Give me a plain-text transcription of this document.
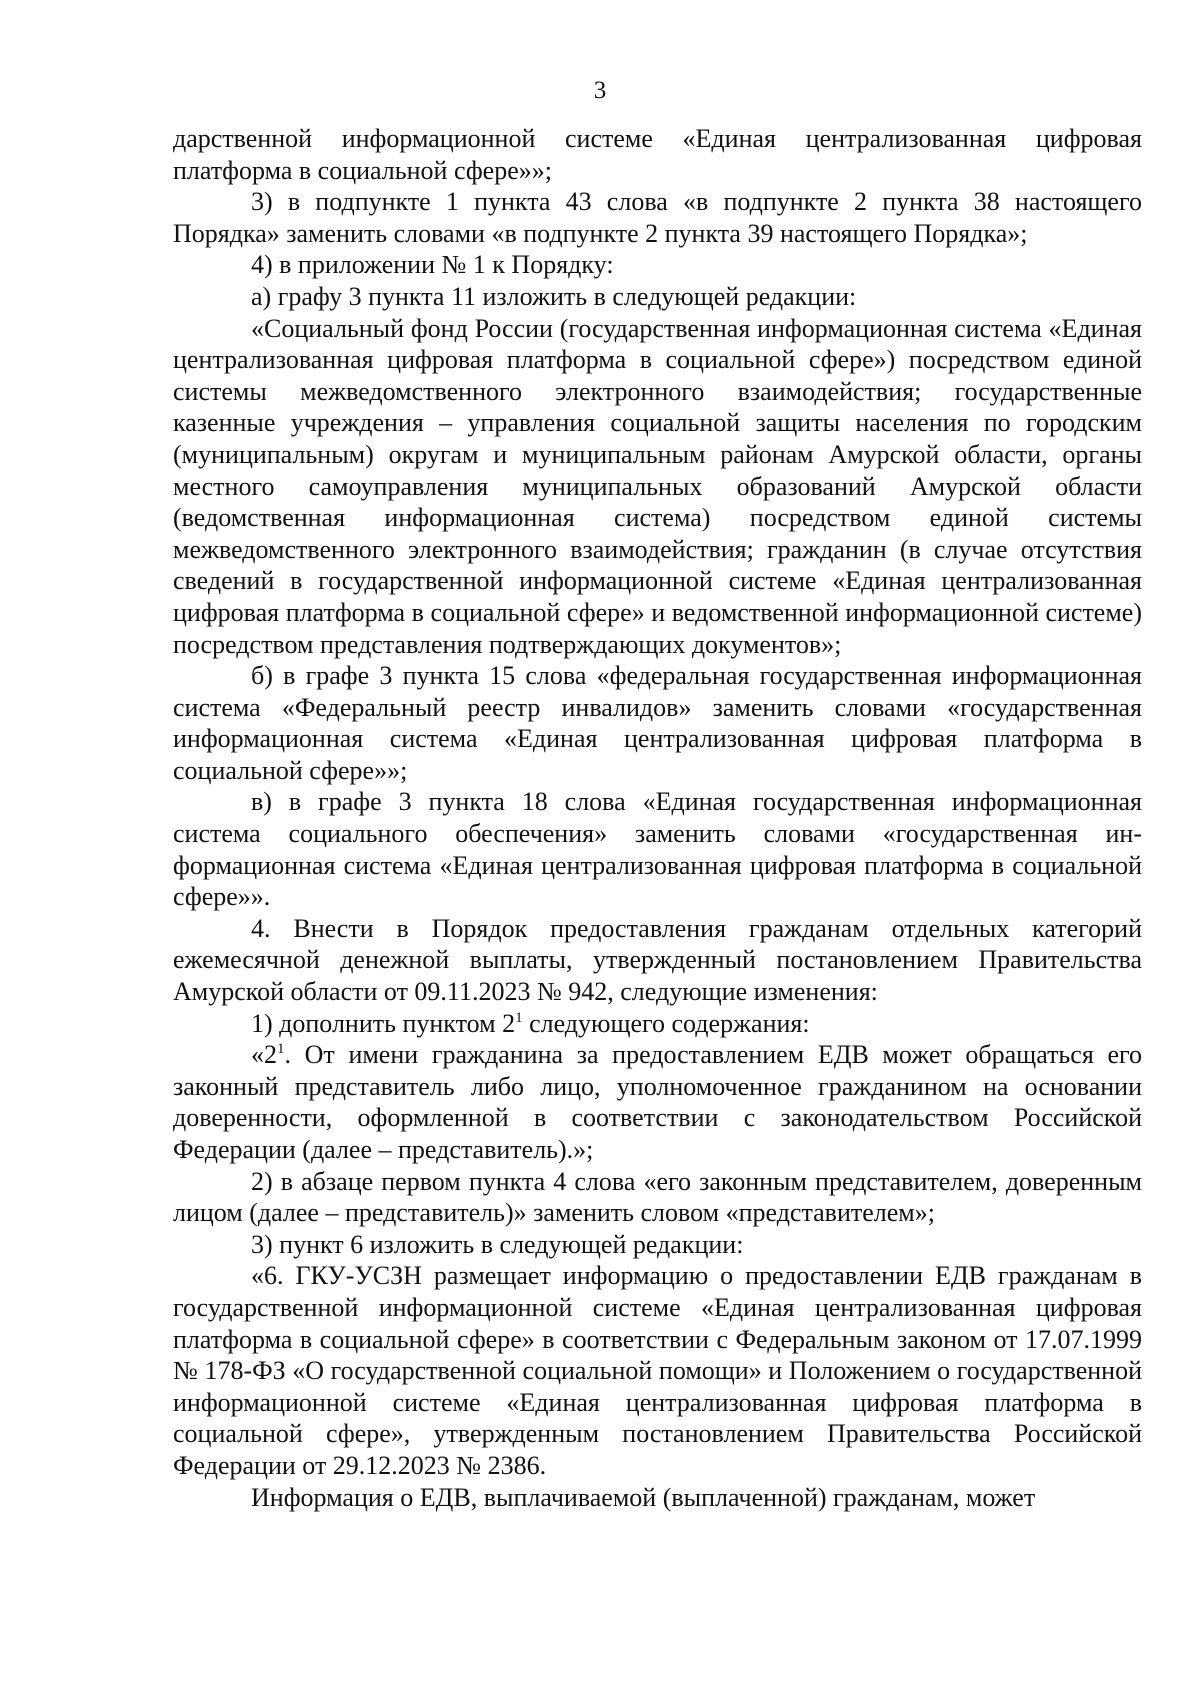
3

дарственной информационной системе «Единая централизованная цифровая платформа в социальной сфере»»;

3) в подпункте 1 пункта 43 слова «в подпункте 2 пункта 38 настоящего Порядка» заменить словами «в подпункте 2 пункта 39 настоящего Порядка»;

4) в приложении № 1 к Порядку:

а) графу 3 пункта 11 изложить в следующей редакции:

«Социальный фонд России (государственная информационная система «Единая централизованная цифровая платформа в социальной сфере») посредством единой системы межведомственного электронного взаимодействия; государственные казенные учреждения – управления социальной защиты населения по городским (муниципальным) округам и муниципальным районам Амурской области, органы местного самоуправления муниципальных образований Амурской области (ведомственная информационная система) посредством единой системы межведомственного электронного взаимодействия; гражданин (в случае отсутствия сведений в государственной информационной системе «Единая централизованная цифровая платформа в социальной сфере» и ведомственной информационной системе) посредством представления подтверждающих документов»;

б) в графе 3 пункта 15 слова «федеральная государственная информационная система «Федеральный реестр инвалидов» заменить словами «государственная информационная система «Единая централизованная цифровая платформа в социальной сфере»»;

в) в графе 3 пункта 18 слова «Единая государственная информационная система социального обеспечения» заменить словами «государственная информационная система «Единая централизованная цифровая платформа в социальной сфере»».

4. Внести в Порядок предоставления гражданам отдельных категорий ежемесячной денежной выплаты, утвержденный постановлением Правительства Амурской области от 09.11.2023 № 942, следующие изменения:

1) дополнить пунктом $2^1$ следующего содержания:

«$2^1$. От имени гражданина за предоставлением ЕДВ может обращаться его законный представитель либо лицо, уполномоченное гражданином на основании доверенности, оформленной в соответствии с законодательством Российской Федерации (далее – представитель).»;

2) в абзаце первом пункта 4 слова «его законным представителем, доверенным лицом (далее – представитель)» заменить словом «представителем»;

3) пункт 6 изложить в следующей редакции:

«6. ГКУ-УСЗН размещает информацию о предоставлении ЕДВ гражданам в государственной информационной системе «Единая централизованная цифровая платформа в социальной сфере» в соответствии с Федеральным законом от 17.07.1999 № 178-ФЗ «О государственной социальной помощи» и Положением о государственной информационной системе «Единая централизованная цифровая платформа в социальной сфере», утвержденным постановлением Правительства Российской Федерации от 29.12.2023 № 2386.

Информация о ЕДВ, выплачиваемой (выплаченной) гражданам, может
